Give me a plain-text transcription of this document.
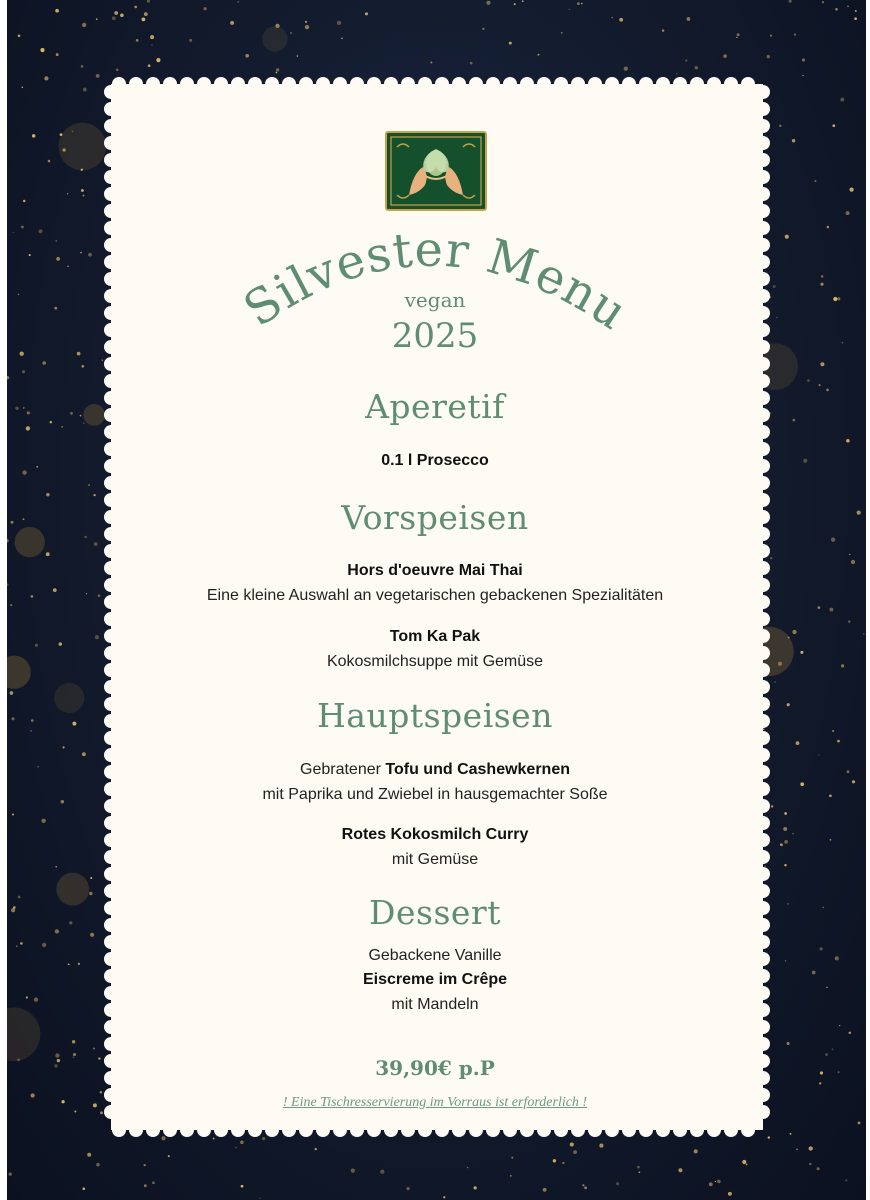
Silvester Menu
vegan
2025
Aperetif
0.1 l Prosecco
Vorspeisen
Hors d'oeuvre Mai Thai
Eine kleine Auswahl an vegetarischen gebackenen Spezialitäten
Tom Ka Pak
Kokosmilchsuppe mit Gemüse
Hauptspeisen
Gebratener Tofu und Cashewkernen
mit Paprika und Zwiebel in hausgemachter Soße
Rotes Kokosmilch Curry
mit Gemüse
Dessert
Gebackene Vanille
Eiscreme im Crêpe
mit Mandeln
39,90€ p.P
! Eine Tischresservierung im Vorraus ist erforderlich !
